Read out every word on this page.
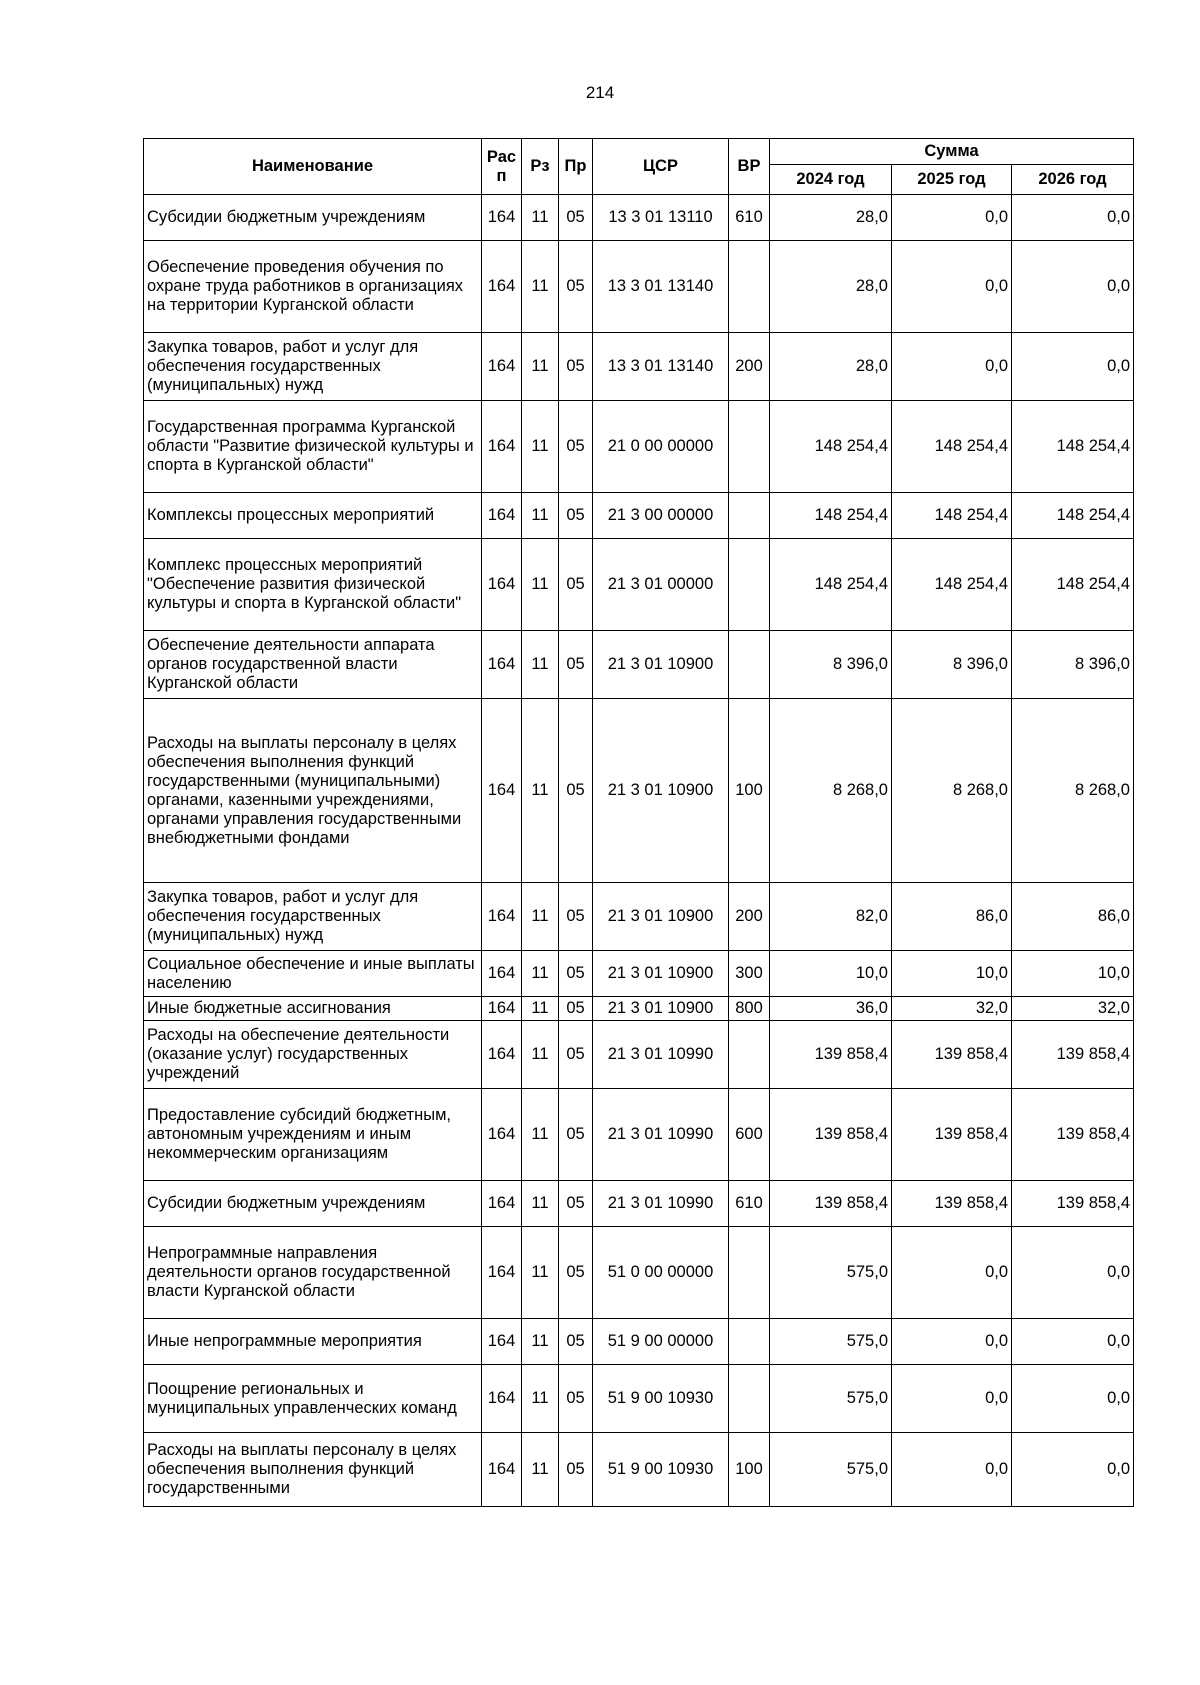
214
Наименование	Рас п	Рз	Пр	ЦСР	ВР	Сумма		
						2024 год	2025 год	2026 год
Субсидии бюджетным учреждениям	164	11	05	13 3 01 13110	610	28,0	0,0	0,0
Обеспечение проведения обучения по охране труда работников в организациях на территории Курганской области	164	11	05	13 3 01 13140		28,0	0,0	0,0
Закупка товаров, работ и услуг для обеспечения государственных (муниципальных) нужд	164	11	05	13 3 01 13140	200	28,0	0,0	0,0
Государственная программа Курганской области "Развитие физической культуры и спорта в Курганской области"	164	11	05	21 0 00 00000		148 254,4	148 254,4	148 254,4
Комплексы процессных мероприятий	164	11	05	21 3 00 00000		148 254,4	148 254,4	148 254,4
Комплекс процессных мероприятий "Обеспечение развития физической культуры и спорта в Курганской области"	164	11	05	21 3 01 00000		148 254,4	148 254,4	148 254,4
Обеспечение деятельности аппарата органов государственной власти Курганской области	164	11	05	21 3 01 10900		8 396,0	8 396,0	8 396,0
Расходы на выплаты персоналу в целях обеспечения выполнения функций государственными (муниципальными) органами, казенными учреждениями, органами управления государственными внебюджетными фондами	164	11	05	21 3 01 10900	100	8 268,0	8 268,0	8 268,0
Закупка товаров, работ и услуг для обеспечения государственных (муниципальных) нужд	164	11	05	21 3 01 10900	200	82,0	86,0	86,0
Социальное обеспечение и иные выплаты населению	164	11	05	21 3 01 10900	300	10,0	10,0	10,0
Иные бюджетные ассигнования	164	11	05	21 3 01 10900	800	36,0	32,0	32,0
Расходы на обеспечение деятельности (оказание услуг) государственных учреждений	164	11	05	21 3 01 10990		139 858,4	139 858,4	139 858,4
Предоставление субсидий бюджетным, автономным учреждениям и иным некоммерческим организациям	164	11	05	21 3 01 10990	600	139 858,4	139 858,4	139 858,4
Субсидии бюджетным учреждениям	164	11	05	21 3 01 10990	610	139 858,4	139 858,4	139 858,4
Непрограммные направления деятельности органов государственной власти Курганской области	164	11	05	51 0 00 00000		575,0	0,0	0,0
Иные непрограммные мероприятия	164	11	05	51 9 00 00000		575,0	0,0	0,0
Поощрение региональных и муниципальных управленческих команд	164	11	05	51 9 00 10930		575,0	0,0	0,0
Расходы на выплаты персоналу в целях обеспечения выполнения функций государственными	164	11	05	51 9 00 10930	100	575,0	0,0	0,0
